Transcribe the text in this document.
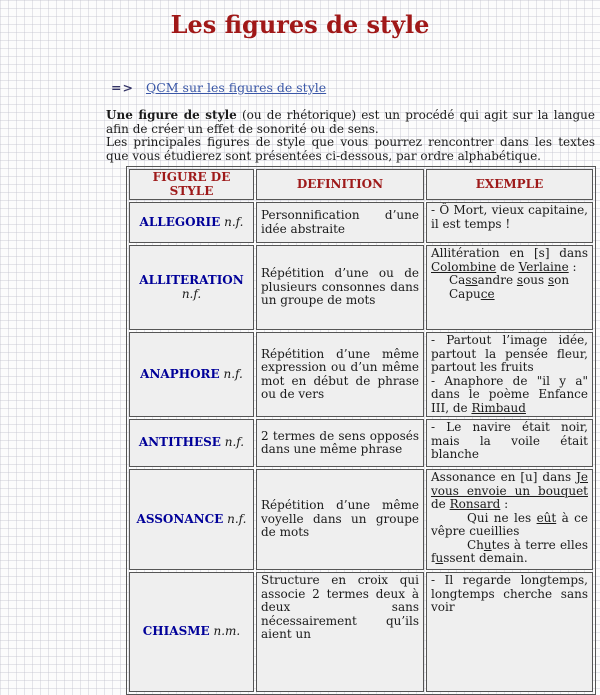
Les figures de style
=> QCM sur les figures de style

Une figure de style (ou de rhétorique) est un procédé qui agit sur la langue afin de créer un effet de sonorité ou de sens.
Les principales figures de style que vous pourrez rencontrer dans les textes que vous étudierez sont présentées ci-dessous, par ordre alphabétique.

FIGURE DE STYLE	DEFINITION	EXEMPLE
ALLEGORIE n.f.	Personnification d’une idée abstraite	- Ô Mort, vieux capitaine, il est temps !

ALLITERATION n.f.	Répétition d’une ou de plusieurs consonnes dans un groupe de mots	Allitération en [s] dans Colombine de Verlaine :
Cassandre sous son
Capuce

ANAPHORE n.f.	Répétition d’une même expression ou d’un même mot en début de phrase ou de vers	- Partout l’image idée, partout la pensée fleur, partout les fruits
- Anaphore de "il y a" dans le poème Enfance III, de Rimbaud

ANTITHESE n.f.	2 termes de sens opposés dans une même phrase	- Le navire était noir, mais la voile était blanche

ASSONANCE n.f.	Répétition d’une même voyelle dans un groupe de mots	Assonance en [u] dans Je vous envoie un bouquet de Ronsard :
Qui ne les eût à ce vêpre cueillies
Chutes à terre elles fussent demain.

CHIASME n.m.	Structure en croix qui associe 2 termes deux à deux sans nécessairement qu’ils aient un	- Il regarde longtemps, longtemps cherche sans voir
